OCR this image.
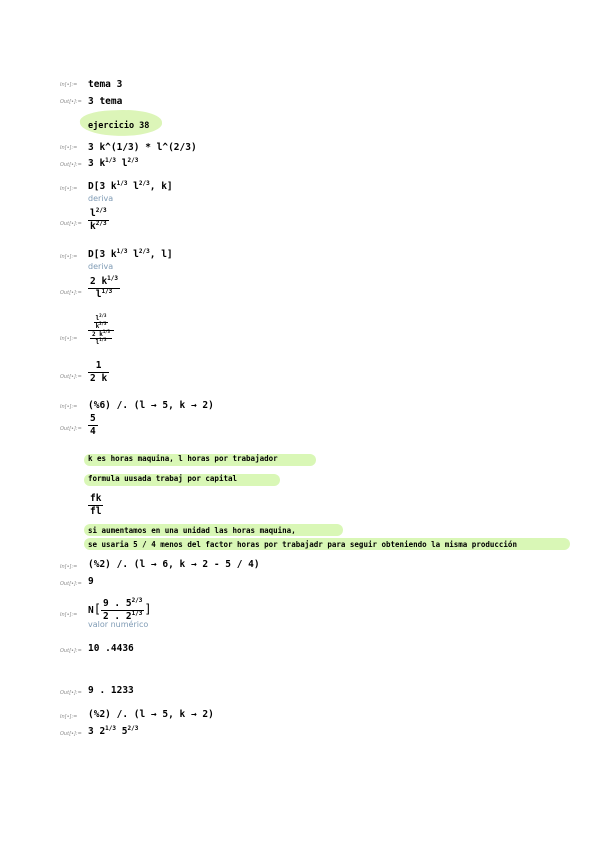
In[•]:=	tema 3
Out[•]:= 3 tema
ejercicio 38
In[•]:=	3 k^(1/3) * l^(2/3)
Out[•]:= 3 $k^{1/3}$ $l^{2/3}$
In[•]:=	D[3 $k^{1/3}$ $l^{2/3}$, k]
deriva
Out[•]:= $\frac{l^{2/3}}{k^{2/3}}$
In[•]:=	D[3 $k^{1/3}$ $l^{2/3}$, l]
deriva
Out[•]:= $\frac{2 k^{1/3}}{l^{1/3}}$
In[•]:=	$\frac{\frac{l^{2/3}}{k^{2/3}}}{\frac{2 k^{1/3}}{l^{1/3}}}$
Out[•]:= $\frac{1}{2 k}$
In[•]:=	(%6) /. (l → 5, k → 2)
Out[•]:= $\frac{5}{4}$
k es horas maquina, l horas por trabajador
formula uusada trabaj por capital
$\frac{fk}{fl}$
si aumentamos en una unidad las horas maquina,
se usaria 5 / 4 menos del factor horas por trabajadr para seguir obteniendo la misma producción
In[•]:=	(%2) /. (l → 6, k → 2 - 5 / 4)
Out[•]:= 9
In[•]:=	$N[ \frac{9 . 5^{2/3}}{2 . 2^{1/3}}$ ]
valor numérico
Out[•]:= 10 .4436
Out[•]:= 9 . 1233
In[•]:=	(%2) /. (l → 5, k → 2)
Out[•]:= 3 $2^{1/3}$ $5^{2/3}$
